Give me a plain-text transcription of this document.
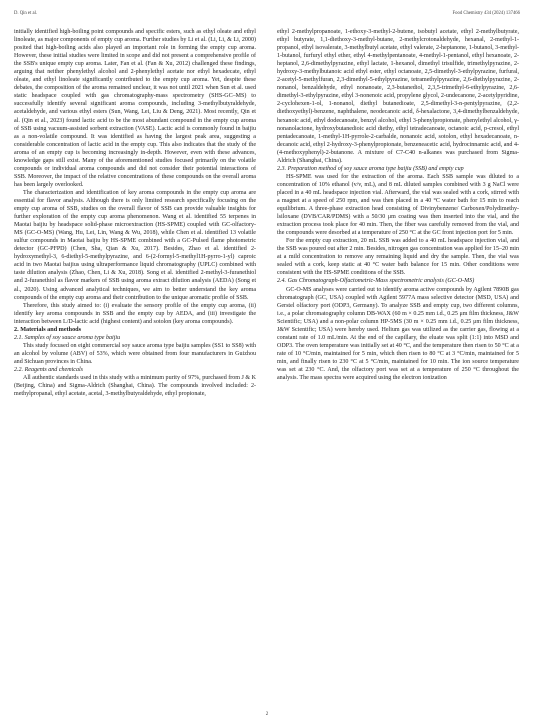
D. Qin et al.	Food Chemistry 434 (2024) 137466

initially identified high-boiling point compounds and specific esters, such as ethyl oleate and ethyl linoleate, as major components of empty cup aroma. Further studies by Li et al. (Li, Li, & Li, 2000) posited that high-boiling acids also played an important role in forming the empty cup aroma. However, these initial studies were limited in scope and did not present a comprehensive profile of the SSB's unique empty cup aroma. Later, Fan et al. (Fan & Xu, 2012) challenged these findings, arguing that neither phenylethyl alcohol and 2-phenylethyl acetate nor ethyl hexadecate, ethyl oleate, and ethyl linoleate significantly contributed to the empty cup aroma. Yet, despite these debates, the composition of the aroma remained unclear, it was not until 2021 when Sun et al. used static headspace coupled with gas chromatography-mass spectrometry (SHS-GC–MS) to successfully identify several significant aroma compounds, including 3-methylbutyraldehyde, acetaldehyde, and various ethyl esters (Sun, Wang, Lei, Liu & Deng, 2021). Most recently, Qin et al. (Qin et al., 2023) found lactic acid to be the most abundant compound in the empty cup aroma of SSB using vacuum-assisted sorbent extraction (VASE). Lactic acid is commonly found in baijiu as a non-volatile compound. It was identified as having the largest peak area, suggesting a considerable concentration of lactic acid in the empty cup. This also indicates that the study of the aroma of an empty cup is becoming increasingly in-depth. However, even with these advances, knowledge gaps still exist. Many of the aforementioned studies focused primarily on the volatile compounds or individual aroma compounds and did not consider their potential interactions of SSB. Moreover, the impact of the relative concentrations of these compounds on the overall aroma has been largely overlooked.

The characterization and identification of key aroma compounds in the empty cup aroma are essential for flavor analysis. Although there is only limited research specifically focusing on the empty cup aroma of SSB, studies on the overall flavor of SSB can provide valuable insights for further exploration of the empty cup aroma phenomenon. Wang et al. identified 55 terpenes in Maotai baijiu by headspace solid-phase microextraction (HS-SPME) coupled with GC-olfactory-MS (GC-O-MS) (Wang, Hu, Lei, Lin, Wang & Wu, 2018), while Chen et al. identified 13 volatile sulfur compounds in Maotai baijiu by HS-SPME combined with a GC-Pulsed flame photometric detector (GC-PFPD) (Chen, Sha, Qian & Xu, 2017). Besides, Zhao et al. identified 2-hydroxymethyl-3, 6-diethyl-5-methylpyrazine, and 6-(2-formyl-5-methyl1H-pyrro-1-yl) caproic acid in two Maotai baijius using ultraperformance liquid chromatography (UPLC) combined with taste dilution analysis (Zhao, Chen, Li & Xu, 2018). Song et al. identified 2-methyl-3-furanethiol and 2-furanethiol as flavor markers of SSB using aroma extract dilution analysis (AEDA) (Song et al., 2020). Using advanced analytical techniques, we aim to better understand the key aroma compounds of the empty cup aroma and their contribution to the unique aromatic profile of SSB.

Therefore, this study aimed to: (i) evaluate the sensory profile of the empty cup aroma, (ii) identify key aroma compounds in SSB and the empty cup by AEDA, and (iii) investigate the interaction between L/D-lactic acid (highest content) and sotolon (key aroma compounds).

2. Materials and methods

2.1. Samples of soy sauce aroma type baijiu

This study focused on eight commercial soy sauce aroma type baijiu samples (SS1 to SS8) with an alcohol by volume (ABV) of 53%, which were obtained from four manufacturers in Guizhou and Sichuan provinces in China.

2.2. Reagents and chemicals

All authentic standards used in this study with a minimum purity of 97%, purchased from J & K (Beijing, China) and Sigma-Aldrich (Shanghai, China). The compounds involved included: 2-methylpropanal, ethyl acetate, acetal, 3-methylbutyraldehyde, ethyl propionate,

ethyl 2-methylpropanoate, 1-ethoxy-3-methyl-2-butene, isobutyl acetate, ethyl 2-methylbutyrate, ethyl butyrate, 1,1-diethoxy-3-methyl-butane, 2-methylcrotonaldehyde, hexanal, 2-methyl-1-propanol, ethyl isovalerate, 3-methylbutyl acetate, ethyl valerate, 2-heptanone, 1-butanol, 3-methyl-1-butanol, furfuryl ethyl ether, ethyl 4-methylpentanoate, 4-methyl-1-pentanol, ethyl hexanoate, 2-heptanol, 2,6-dimethylpyrazine, ethyl lactate, 1-hexanol, dimethyl trisulfide, trimethylpyrazine, 2-hydroxy-3-methylbutanoic acid ethyl ester, ethyl octanoate, 2,5-dimethyl-3-ethylpyrazine, furfural, 2-acetyl-5-methylfuran, 2,3-dimethyl-5-ethylpyrazine, tetramethylpyrazine, 2,6-diethylpyrazine, 2-nonanol, benzaldehyde, ethyl nonanoate, 2,3-butanediol, 2,3,5-trimethyl-6-ethylpyrazine, 2,6-dimethyl-3-ethylpyrazine, ethyl 3-nonenoic acid, propylene glycol, 2-undecanone, 2-acetylpyridine, 2-cyclohexen-1-ol, 1-nonanol, diethyl butanedioate, 2,5-dimethyl-3-n-pentylpyrazine, (2,2-diethoxyethyl)-benzene, naphthalene, neodecanoic acid, δ-hexalactone, 3,4-dimethylbenzaldehyde, hexanoic acid, ethyl dodecanoate, benzyl alcohol, ethyl 3-phenylpropionate, phenylethyl alcohol, γ-nonanolactone, hydroxybutanedioic acid diethy, ethyl tetradecanoate, octanoic acid, p-cresol, ethyl pentadecanoate, 1-methyl-1H-pyrrole-2-carbalde, nonanoic acid, sotolon, ethyl hexadecanoate, n-decanoic acid, ethyl 2-hydroxy-3-phenylpropionate, benzeneacetic acid, hydrocinnamic acid, and 4-(4-methoxyphenyl)-2-butanone. A mixture of C7-C40 n-alkanes was purchased from Sigma-Aldrich (Shanghai, China).

2.3. Preparation method of soy sauce aroma type baijiu (SSB) and empty cup

HS-SPME was used for the extraction of the aroma. Each SSB sample was diluted to a concentration of 10% ethanol (v/v, mL), and 8 mL diluted samples combined with 3 g NaCl were placed in a 40 mL headspace injection vial. Afterward, the vial was sealed with a cork, stirred with a magnet at a speed of 250 rpm, and was then placed in a 40 °C water bath for 15 min to reach equilibrium. A three-phase extraction head consisting of Divinybenzene/ Carboxen/Polydimethy-lsiloxane (DVB/CAR/PDMS) with a 50/30 μm coating was then inserted into the vial, and the extraction process took place for 40 min. Then, the fiber was carefully removed from the vial, and the compounds were desorbed at a temperature of 250 °C at the GC front injection port for 5 min.

For the empty cup extraction, 20 mL SSB was added to a 40 mL headspace injection vial, and the SSB was poured out after 2 min. Besides, nitrogen gas concentration was applied for 15–20 min at a mild concentration to remove any remaining liquid and dry the sample. Then, the vial was sealed with a cork, keep static at 40 °C water bath balance for 15 min. Other conditions were consistent with the HS-SPME conditions of the SSB.

2.4. Gas Chromatograph-Olfactometric-Mass spectrometric analysis (GC-O-MS)

GC-O-MS analyses were carried out to identify aroma active compounds by Agilent 7890B gas chromatograph (GC, USA) coupled with Agilent 5977A mass selective detector (MSD, USA) and Gerstel olfactory port (ODP3, Germany). To analyze SSB and empty cup, two different columns, i.e., a polar chromatography column DB-WAX (60 m × 0.25 mm i.d., 0.25 μm film thickness, J&W Scientific; USA) and a non-polar column HP-5MS (30 m × 0.25 mm i.d., 0.25 μm film thickness, J&W Scientific; USA) were hereby used. Helium gas was utilized as the carrier gas, flowing at a constant rate of 1.0 mL/min. At the end of the capillary, the eluate was split (1:1) into MSD and ODP3. The oven temperature was initially set at 40 °C, and the temperature then risen to 50 °C at a rate of 10 °C/min, maintained for 5 min, which then risen to 80 °C at 3 °C/min, maintained for 5 min, and finally risen to 230 °C at 5 °C/min, maintained for 10 min. The ion source temperature was set at 230 °C. And, the olfactory port was set at a temperature of 250 °C throughout the analysis. The mass spectra were acquired using the electron ionization

2
